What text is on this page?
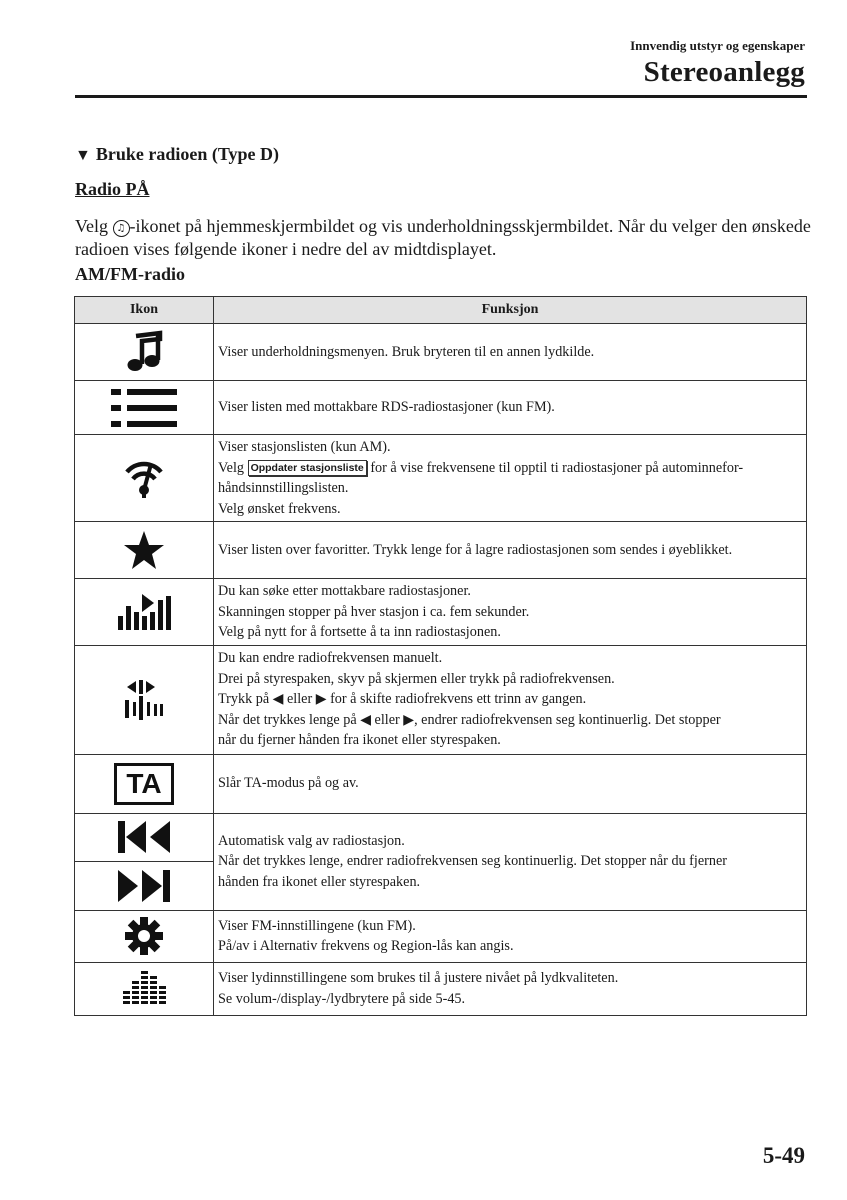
Innvendig utstyr og egenskaper
Stereoanlegg
▼ Bruke radioen (Type D)
Radio PÅ
Velg ♫ -ikonet på hjemmeskjermbildet og vis underholdningsskjermbildet. Når du velger den ønskede radioen vises følgende ikoner i nedre del av midtdisplayet.
AM/FM-radio
Ikon	Funksjon

Viser underholdningsmenyen. Bruk bryteren til en annen lydkilde.

Viser listen med mottakbare RDS-radiostasjoner (kun FM).

Viser stasjonslisten (kun AM).
Velg Oppdater stasjonsliste for å vise frekvensene til opptil ti radiostasjoner på autominnefor-
håndsinnstillingslisten.
Velg ønsket frekvens.

Viser listen over favoritter. Trykk lenge for å lagre radiostasjonen som sendes i øyeblikket.

Du kan søke etter mottakbare radiostasjoner.
Skanningen stopper på hver stasjon i ca. fem sekunder.
Velg på nytt for å fortsette å ta inn radiostasjonen.

Du kan endre radiofrekvensen manuelt.
Drei på styrespaken, skyv på skjermen eller trykk på radiofrekvensen.
Trykk på ◀ eller ▶ for å skifte radiofrekvens ett trinn av gangen.
Når det trykkes lenge på ◀ eller ▶, endrer radiofrekvensen seg kontinuerlig. Det stopper
når du fjerner hånden fra ikonet eller styrespaken.

TA	Slår TA-modus på og av.

Automatisk valg av radiostasjon.
Når det trykkes lenge, endrer radiofrekvensen seg kontinuerlig. Det stopper når du fjerner
hånden fra ikonet eller styrespaken.

Viser FM-innstillingene (kun FM).
På/av i Alternativ frekvens og Region-lås kan angis.

Viser lydinnstillingene som brukes til å justere nivået på lydkvaliteten.
Se volum-/display-/lydbrytere på side 5-45.
5-49
